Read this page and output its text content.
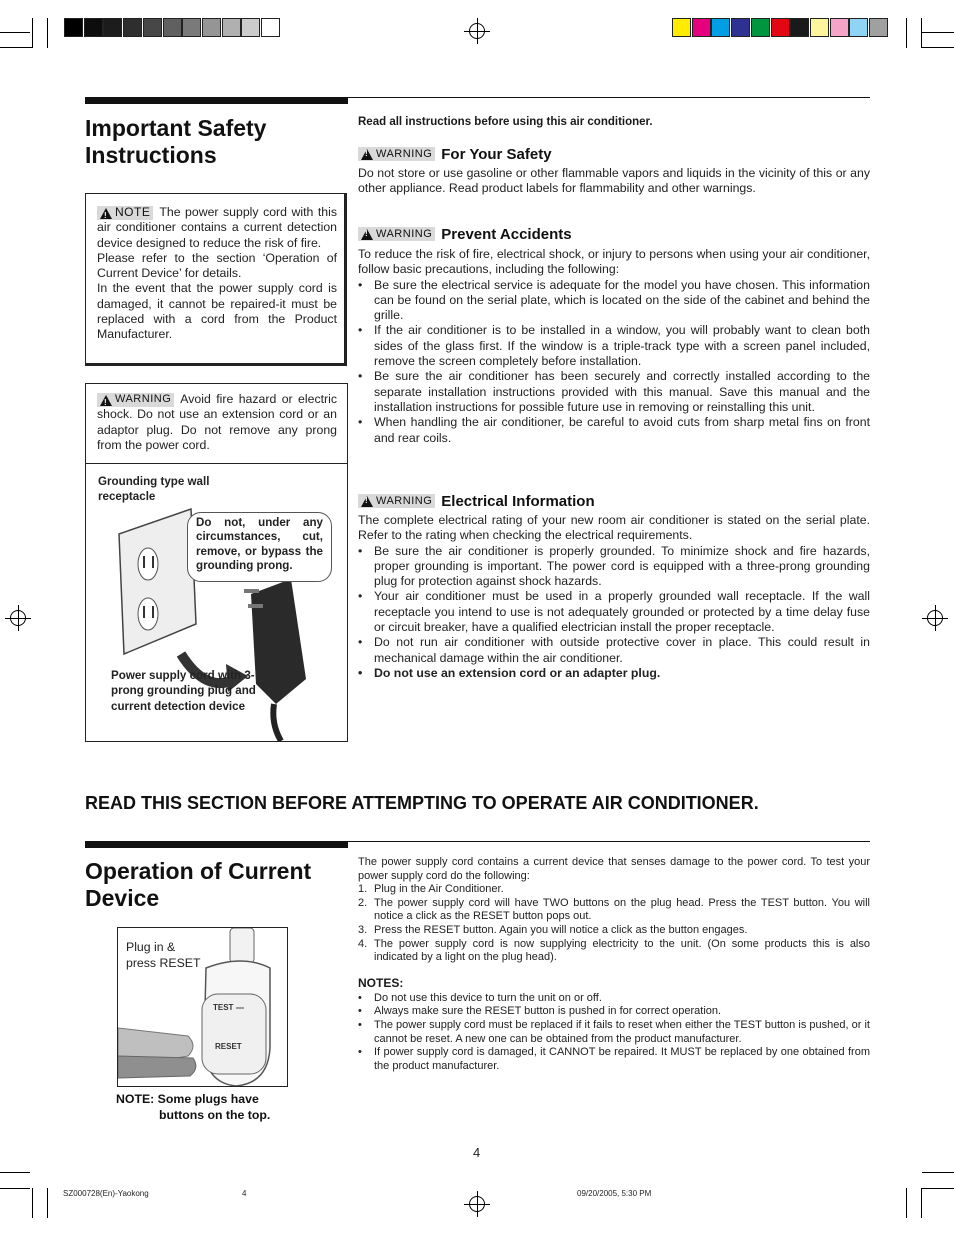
Important Safety
Instructions
Read all instructions before using this air conditioner.
!
WARNING For Your Safety
Do not store or use gasoline or other flammable vapors and liquids in the vicinity of this or any other appliance. Read product labels for flammability and other warnings.
!
WARNING Prevent Accidents
To reduce the risk of fire, electrical shock, or injury to persons when using your air conditioner, follow basic precautions, including the following:
• Be sure the electrical service is adequate for the model you have chosen. This information can be found on the serial plate, which is located on the side of the cabinet and behind the grille.
• If the air conditioner is to be installed in a window, you will probably want to clean both sides of the glass first. If the window is a triple-track type with a screen panel included, remove the screen completely before installation.
• Be sure the air conditioner has been securely and correctly installed according to the separate installation instructions provided with this manual. Save this manual and the installation instructions for possible future use in removing or reinstalling this unit.
• When handling the air conditioner, be careful to avoid cuts from sharp metal fins on front and rear coils.
!
WARNING Electrical Information
The complete electrical rating of your new room air conditioner is stated on the serial plate. Refer to the rating when checking the electrical requirements.
• Be sure the air conditioner is properly grounded. To minimize shock and fire hazards, proper grounding is important. The power cord is equipped with a three-prong grounding plug for protection against shock hazards.
• Your air conditioner must be used in a properly grounded wall receptacle. If the wall receptacle you intend to use is not adequately grounded or protected by a time delay fuse or circuit breaker, have a qualified electrician install the proper receptacle.
• Do not run air conditioner with outside protective cover in place. This could result in mechanical damage within the air conditioner.
• Do not use an extension cord or an adapter plug.
!
NOTE The power supply cord with this air conditioner contains a current detection device designed to reduce the risk of fire.
Please refer to the section ‘Operation of Current Device’ for details.
In the event that the power supply cord is damaged, it cannot be repaired-it must be replaced with a cord from the Product Manufacturer.
!
WARNING Avoid fire hazard or electric shock. Do not use an extension cord or an adaptor plug. Do not remove any prong from the power cord.
Grounding type wall receptacle
Do not, under any circumstances, cut, remove, or bypass the grounding prong.
Power supply cord with 3-prong grounding plug and current detection device
READ THIS SECTION BEFORE ATTEMPTING TO OPERATE AIR CONDITIONER.
Operation of Current
Device
Plug in &
press RESET
TEST
RESET
NOTE: Some plugs have
buttons on the top.
The power supply cord contains a current device that senses damage to the power cord. To test your power supply cord do the following:
1. Plug in the Air Conditioner.
2. The power supply cord will have TWO buttons on the plug head. Press the TEST button. You will notice a click as the RESET button pops out.
3. Press the RESET button. Again you will notice a click as the button engages.
4. The power supply cord is now supplying electricity to the unit. (On some products this is also indicated by a light on the plug head).
NOTES:
• Do not use this device to turn the unit on or off.
• Always make sure the RESET button is pushed in for correct operation.
• The power supply cord must be replaced if it fails to reset when either the TEST button is pushed, or it cannot be reset. A new one can be obtained from the product manufacturer.
• If power supply cord is damaged, it CANNOT be repaired. It MUST be replaced by one obtained from the product manufacturer.
4
SZ000728(En)-Yaokong	4	09/20/2005, 5:30 PM
